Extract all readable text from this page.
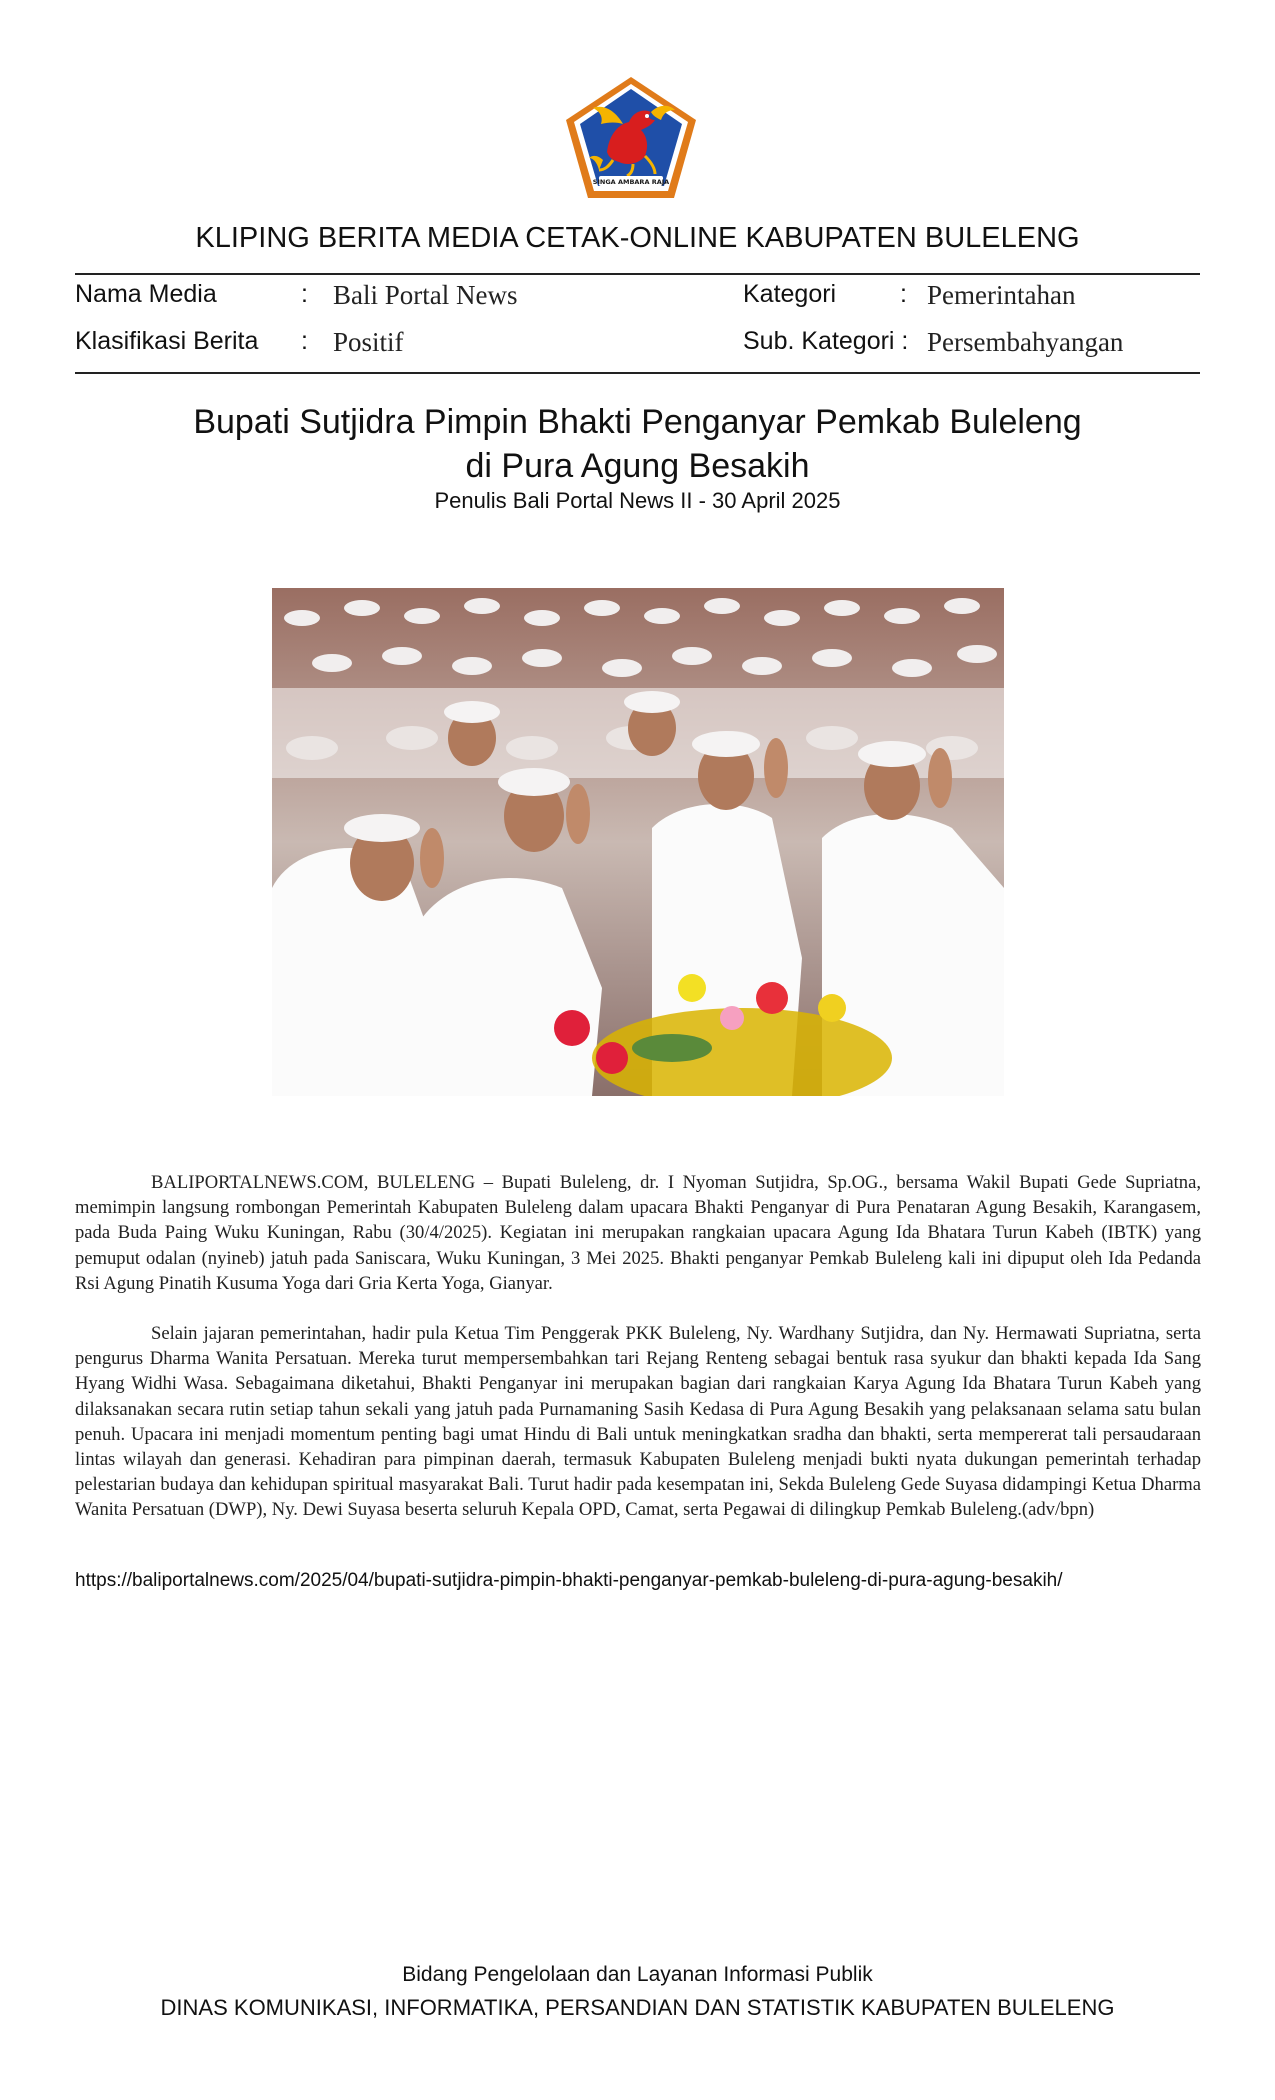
SINGA AMBARA RAJA
KLIPING BERITA MEDIA CETAK-ONLINE KABUPATEN BULELENG
Nama Media	: Bali Portal News	Kategori	: Pemerintahan
Klasifikasi Berita : Positif	Sub. Kategori : Persembahyangan
Bupati Sutjidra Pimpin Bhakti Penganyar Pemkab Buleleng
di Pura Agung Besakih
Penulis Bali Portal News II - 30 April 2025

BALIPORTALNEWS.COM, BULELENG – Bupati Buleleng, dr. I Nyoman Sutjidra, Sp.OG., bersama Wakil Bupati Gede Supriatna, memimpin langsung rombongan Pemerintah Kabupaten Buleleng dalam upacara Bhakti Penganyar di Pura Penataran Agung Besakih, Karangasem, pada Buda Paing Wuku Kuningan, Rabu (30/4/2025). Kegiatan ini merupakan rangkaian upacara Agung Ida Bhatara Turun Kabeh (IBTK) yang pemuput odalan (nyineb) jatuh pada Saniscara, Wuku Kuningan, 3 Mei 2025. Bhakti penganyar Pemkab Buleleng kali ini dipuput oleh Ida Pedanda Rsi Agung Pinatih Kusuma Yoga dari Gria Kerta Yoga, Gianyar.

Selain jajaran pemerintahan, hadir pula Ketua Tim Penggerak PKK Buleleng, Ny. Wardhany Sutjidra, dan Ny. Hermawati Supriatna, serta pengurus Dharma Wanita Persatuan. Mereka turut mempersembahkan tari Rejang Renteng sebagai bentuk rasa syukur dan bhakti kepada Ida Sang Hyang Widhi Wasa. Sebagaimana diketahui, Bhakti Penganyar ini merupakan bagian dari rangkaian Karya Agung Ida Bhatara Turun Kabeh yang dilaksanakan secara rutin setiap tahun sekali yang jatuh pada Purnamaning Sasih Kedasa di Pura Agung Besakih yang pelaksanaan selama satu bulan penuh. Upacara ini menjadi momentum penting bagi umat Hindu di Bali untuk meningkatkan sradha dan bhakti, serta mempererat tali persaudaraan lintas wilayah dan generasi. Kehadiran para pimpinan daerah, termasuk Kabupaten Buleleng menjadi bukti nyata dukungan pemerintah terhadap pelestarian budaya dan kehidupan spiritual masyarakat Bali. Turut hadir pada kesempatan ini, Sekda Buleleng Gede Suyasa didampingi Ketua Dharma Wanita Persatuan (DWP), Ny. Dewi Suyasa beserta seluruh Kepala OPD, Camat, serta Pegawai di dilingkup Pemkab Buleleng.(adv/bpn)

https://baliportalnews.com/2025/04/bupati-sutjidra-pimpin-bhakti-penganyar-pemkab-buleleng-di-pura-agung-besakih/
Bidang Pengelolaan dan Layanan Informasi Publik
DINAS KOMUNIKASI, INFORMATIKA, PERSANDIAN DAN STATISTIK KABUPATEN BULELENG
